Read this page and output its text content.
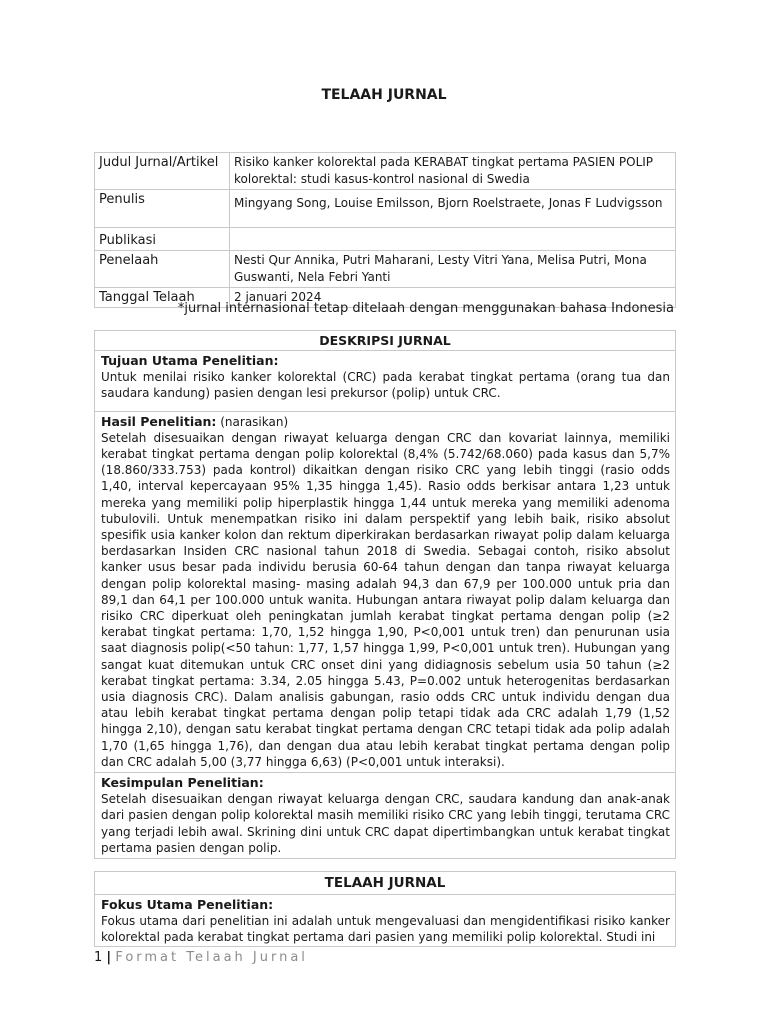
TELAAH JURNAL
Judul Jurnal/Artikel	Risiko kanker kolorektal pada KERABAT tingkat pertama PASIEN POLIP kolorektal: studi kasus-kontrol nasional di Swedia
Penulis	Mingyang Song, Louise Emilsson, Bjorn Roelstraete, Jonas F Ludvigsson
Publikasi	
Penelaah	Nesti Qur Annika, Putri Maharani, Lesty Vitri Yana, Melisa Putri, Mona Guswanti, Nela Febri Yanti
Tanggal Telaah	2 januari 2024
*jurnal internasional tetap ditelaah dengan menggunakan bahasa Indonesia
DESKRIPSI JURNAL
Tujuan Utama Penelitian:

Untuk menilai risiko kanker kolorektal (CRC) pada kerabat tingkat pertama (orang tua dan saudara kandung) pasien dengan lesi prekursor (polip) untuk CRC.

Hasil Penelitian: (narasikan)

Setelah disesuaikan dengan riwayat keluarga dengan CRC dan kovariat lainnya, memiliki kerabat tingkat pertama dengan polip kolorektal (8,4% (5.742/68.060) pada kasus dan 5,7% (18.860/333.753) pada kontrol) dikaitkan dengan risiko CRC yang lebih tinggi (rasio odds 1,40, interval kepercayaan 95% 1,35 hingga 1,45). Rasio odds berkisar antara 1,23 untuk mereka yang memiliki polip hiperplastik hingga 1,44 untuk mereka yang memiliki adenoma tubulovili. Untuk menempatkan risiko ini dalam perspektif yang lebih baik, risiko absolut spesifik usia kanker kolon dan rektum diperkirakan berdasarkan riwayat polip dalam keluarga berdasarkan Insiden CRC nasional tahun 2018 di Swedia. Sebagai contoh, risiko absolut kanker usus besar pada individu berusia 60-64 tahun dengan dan tanpa riwayat keluarga dengan polip kolorektal masing- masing adalah 94,3 dan 67,9 per 100.000 untuk pria dan 89,1 dan 64,1 per 100.000 untuk wanita. Hubungan antara riwayat polip dalam keluarga dan risiko CRC diperkuat oleh peningkatan jumlah kerabat tingkat pertama dengan polip (≥2 kerabat tingkat pertama: 1,70, 1,52 hingga 1,90, P<0,001 untuk tren) dan penurunan usia saat diagnosis polip(<50 tahun: 1,77, 1,57 hingga 1,99, P<0,001 untuk tren). Hubungan yang sangat kuat ditemukan untuk CRC onset dini yang didiagnosis sebelum usia 50 tahun (≥2 kerabat tingkat pertama: 3.34, 2.05 hingga 5.43, P=0.002 untuk heterogenitas berdasarkan usia diagnosis CRC). Dalam analisis gabungan, rasio odds CRC untuk individu dengan dua atau lebih kerabat tingkat pertama dengan polip tetapi tidak ada CRC adalah 1,79 (1,52 hingga 2,10), dengan satu kerabat tingkat pertama dengan CRC tetapi tidak ada polip adalah 1,70 (1,65 hingga 1,76), dan dengan dua atau lebih kerabat tingkat pertama dengan polip dan CRC adalah 5,00 (3,77 hingga 6,63) (P<0,001 untuk interaksi).

Kesimpulan Penelitian:

Setelah disesuaikan dengan riwayat keluarga dengan CRC, saudara kandung dan anak-anak dari pasien dengan polip kolorektal masih memiliki risiko CRC yang lebih tinggi, terutama CRC yang terjadi lebih awal. Skrining dini untuk CRC dapat dipertimbangkan untuk kerabat tingkat pertama pasien dengan polip.

TELAAH JURNAL
Fokus Utama Penelitian:

Fokus utama dari penelitian ini adalah untuk mengevaluasi dan mengidentifikasi risiko kanker kolorektal pada kerabat tingkat pertama dari pasien yang memiliki polip kolorektal. Studi ini

1 | Format Telaah Jurnal
